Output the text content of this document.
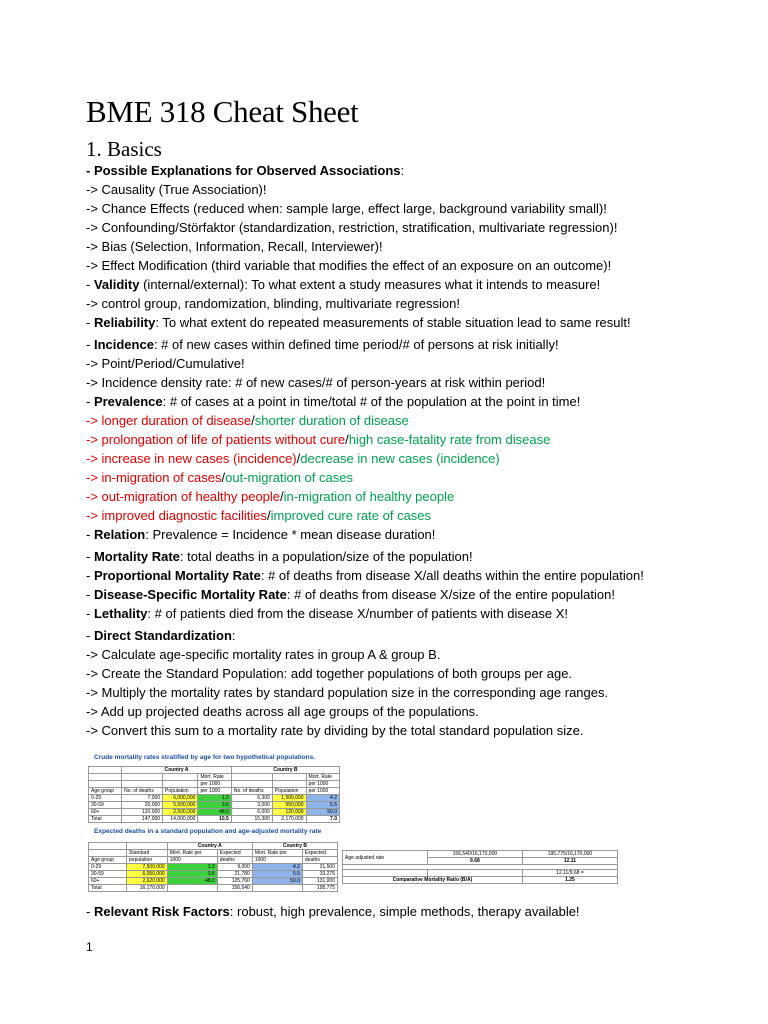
BME 318 Cheat Sheet
1. Basics
- Possible Explanations for Observed Associations:
-> Causality (True Association)!
-> Chance Effects (reduced when: sample large, effect large, background variability small)!
-> Confounding/Störfaktor (standardization, restriction, stratification, multivariate regression)!
-> Bias (Selection, Information, Recall, Interviewer)!
-> Effect Modification (third variable that modifies the effect of an exposure on an outcome)!
- Validity (internal/external): To what extent a study measures what it intends to measure!
-> control group, randomization, blinding, multivariate regression!
- Reliability: To what extent do repeated measurements of stable situation lead to same result!
- Incidence: # of new cases within defined time period/# of persons at risk initially!
-> Point/Period/Cumulative!
-> Incidence density rate: # of new cases/# of person-years at risk within period!
- Prevalence: # of cases at a point in time/total # of the population at the point in time!
-> longer duration of disease/shorter duration of disease
-> prolongation of life of patients without cure/high case-fatality rate from disease
-> increase in new cases (incidence)/decrease in new cases (incidence)
-> in-migration of cases/out-migration of cases
-> out-migration of healthy people/in-migration of healthy people
-> improved diagnostic facilities/improved cure rate of cases
- Relation: Prevalence = Incidence * mean disease duration!
- Mortality Rate: total deaths in a population/size of the population!
- Proportional Mortality Rate: # of deaths from disease X/all deaths within the entire population!
- Disease-Specific Mortality Rate: # of deaths from disease X/size of the entire population!
- Lethality: # of patients died from the disease X/number of patients with disease X!
- Direct Standardization:
-> Calculate age-specific mortality rates in group A & group B.
-> Create the Standard Population: add together populations of both groups per age.
-> Multiply the mortality rates by standard population size in the corresponding age ranges.
-> Add up projected deaths across all age groups of the populations.
-> Convert this sum to a mortality rate by dividing by the total standard population size.
Crude mortality rates stratified by age for two hypothetical populations.
	Country A			Country B		
			Mort. Rate			Mort. Rate
			per 1000			per 1000
Age group	No. of deaths	Population	per 1000	No. of deaths	Population	per 1000
0-29	7,000	6,000,000	1.2	6,300	1,500,000	4.2
30-59	20,000	5,500,000	3.6	3,000	550,000	5.5
60+	120,000	2,500,000	48.0	6,000	120,000	50.0
Total	147,000	14,000,000	10.5	15,300	2,170,000	7.0
Expected deaths in a standard population and age-adjusted mortality rate
		Country A		Country B	
	Standard	Mort. Rate per	Expected	Mort. Rate per	Expected
Age group	population	1000	deaths	1000	deaths
0-29	7,500,000	1.2	9,000	4.2	31,500
30-59	6,050,000	3.6	21,780	5.5	33,275
60+	2,620,000	48.0	125,760	50.0	131,000
Total	16,170,000		156,540		195,775
Age adjusted rate	156,540/16,170,000	195,775/16,170,000
	9.68	12.11

		12.11/9.68 =
Comparative Mortality Ratio (B/A)		1.25
- Relevant Risk Factors: robust, high prevalence, simple methods, therapy available!
1
